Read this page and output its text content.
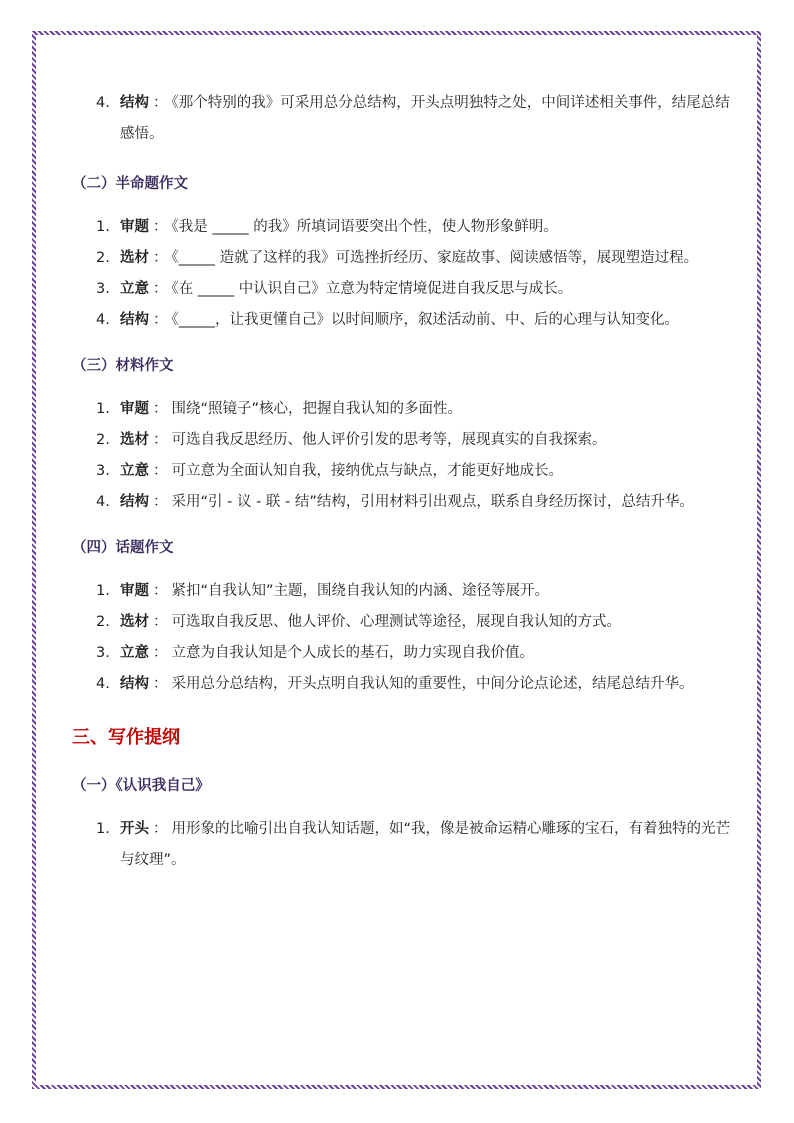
4. 结构 ： 《那个特别的我》可采用总分总结构，开头点明独特之处，中间详述相关事件，结尾总结感悟。
（二）半命题作文
1. 审题 ： 《我是 _____ 的我》所填词语要突出个性，使人物形象鲜明。
2. 选材 ： 《_____ 造就了这样的我》可选挫折经历、家庭故事、阅读感悟等，展现塑造过程。
3. 立意 ： 《在 _____ 中认识自己》立意为特定情境促进自我反思与成长。
4. 结构 ： 《_____，让我更懂自己》以时间顺序，叙述活动前、中、后的心理与认知变化。
（三）材料作文
1. 审题 ： 围绕“照镜子”核心，把握自我认知的多面性。
2. 选材 ： 可选自我反思经历、他人评价引发的思考等，展现真实的自我探索。
3. 立意 ： 可立意为全面认知自我，接纳优点与缺点，才能更好地成长。
4. 结构 ： 采用“引 - 议 - 联 - 结”结构，引用材料引出观点，联系自身经历探讨，总结升华。
（四）话题作文
1. 审题 ： 紧扣“自我认知”主题，围绕自我认知的内涵、途径等展开。
2. 选材 ： 可选取自我反思、他人评价、心理测试等途径，展现自我认知的方式。
3. 立意 ： 立意为自我认知是个人成长的基石，助力实现自我价值。
4. 结构 ： 采用总分总结构，开头点明自我认知的重要性，中间分论点论述，结尾总结升华。
三、写作提纲
（一）《认识我自己》
1. 开头 ： 用形象的比喻引出自我认知话题，如“我，像是被命运精心雕琢的宝石，有着独特的光芒与纹理”。
